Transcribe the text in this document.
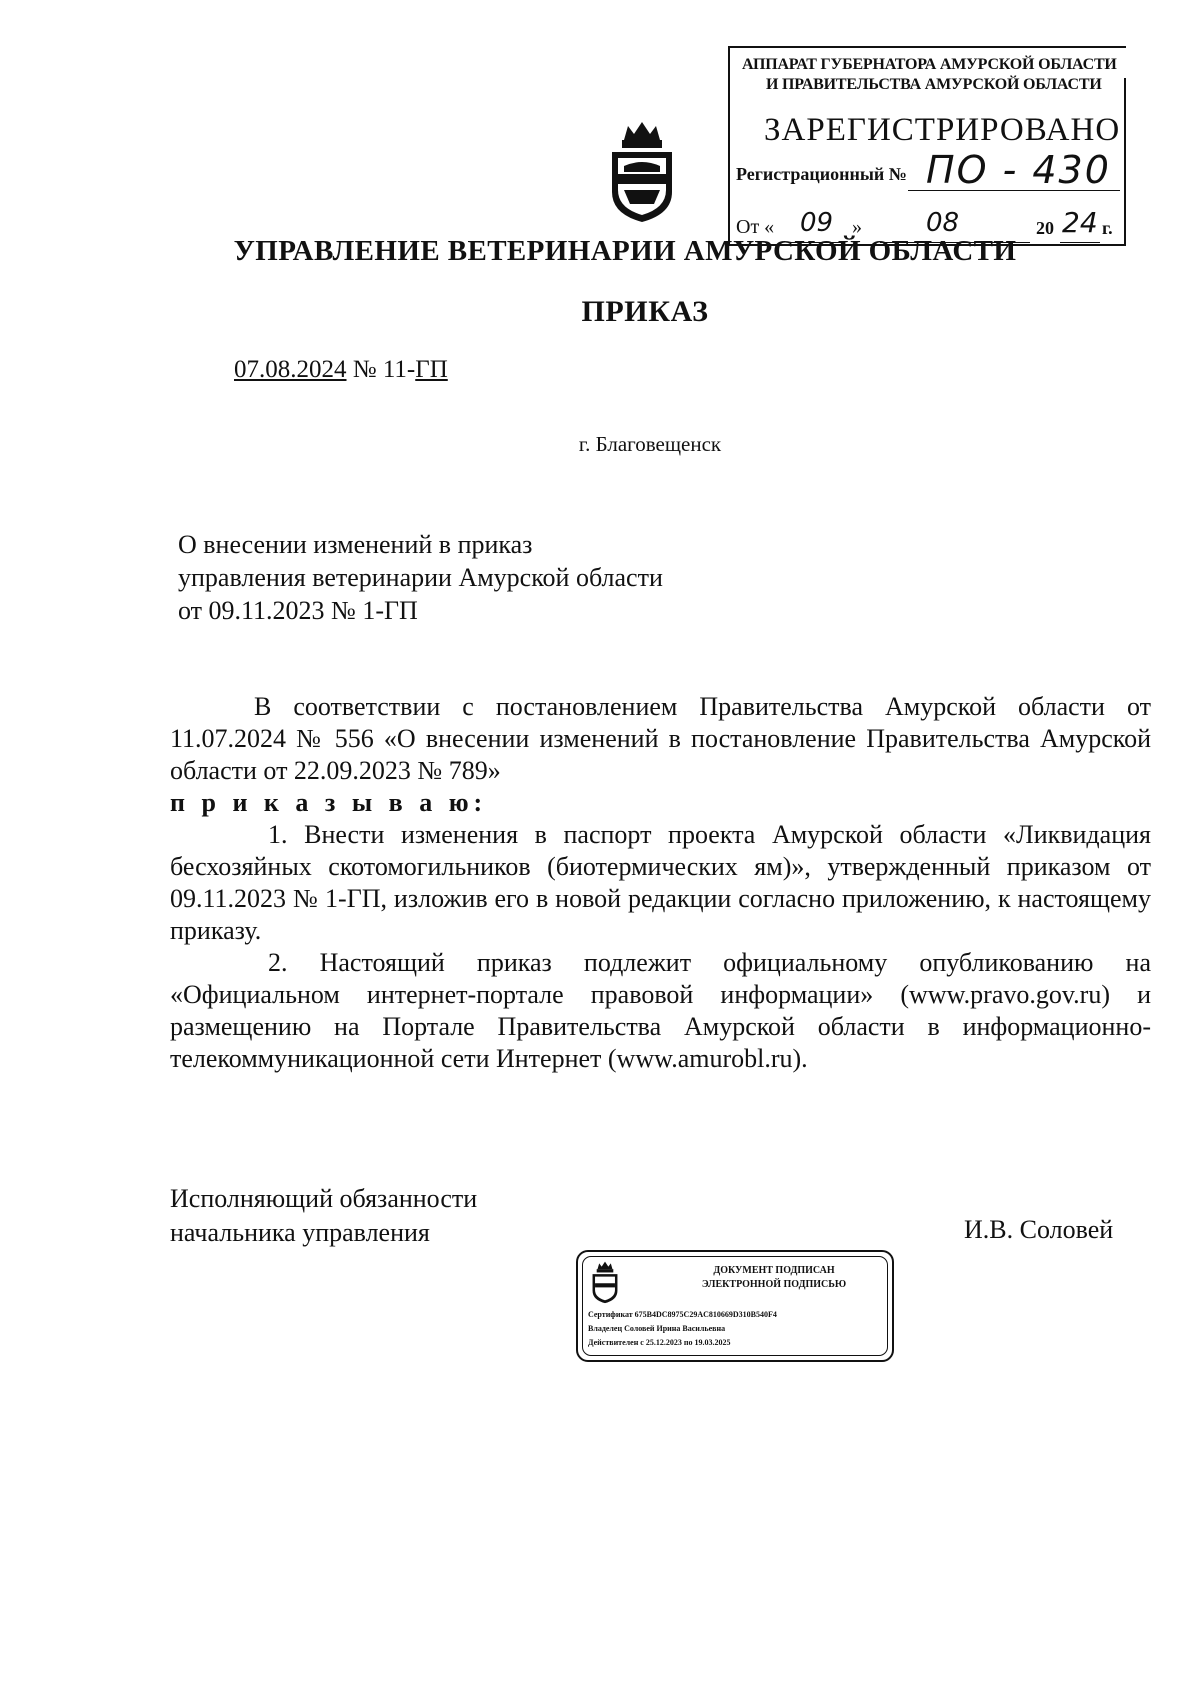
АППАРАТ ГУБЕРНАТОРА АМУРСКОЙ ОБЛАСТИ
И ПРАВИТЕЛЬСТВА АМУРСКОЙ ОБЛАСТИ
ЗАРЕГИСТРИРОВАНО
Регистрационный № ПО - 430
От « 09 » 08	20 24 г.
УПРАВЛЕНИЕ ВЕТЕРИНАРИИ АМУРСКОЙ ОБЛАСТИ
ПРИКАЗ
07.08.2024 № 11-ГП
г. Благовещенск
О внесении изменений в приказ
управления ветеринарии Амурской области
от 09.11.2023 № 1-ГП

В соответствии с постановлением Правительства Амурской области от 11.07.2024 № 556 «О внесении изменений в постановление Правительства Амурской области от 22.09.2023 № 789»

п р и к а з ы в а ю:

1. Внести изменения в паспорт проекта Амурской области «Ликвидация бесхозяйных скотомогильников (биотермических ям)», утвержденный приказом от 09.11.2023 № 1-ГП, изложив его в новой редакции согласно приложению, к настоящему приказу.

2. Настоящий приказ подлежит официальному опубликованию на «Официальном интернет-портале правовой информации» (www.pravo.gov.ru) и размещению на Портале Правительства Амурской области в информационно-телекоммуникационной сети Интернет (www.amurobl.ru).

Исполняющий обязанности
начальника управления	И.В. Соловей
ДОКУМЕНТ ПОДПИСАН
ЭЛЕКТРОННОЙ ПОДПИСЬЮ
Сертификат 675B4DC8975C29AC810669D310B540F4
Владелец Соловей Ирина Васильевна
Действителен с 25.12.2023 по 19.03.2025
